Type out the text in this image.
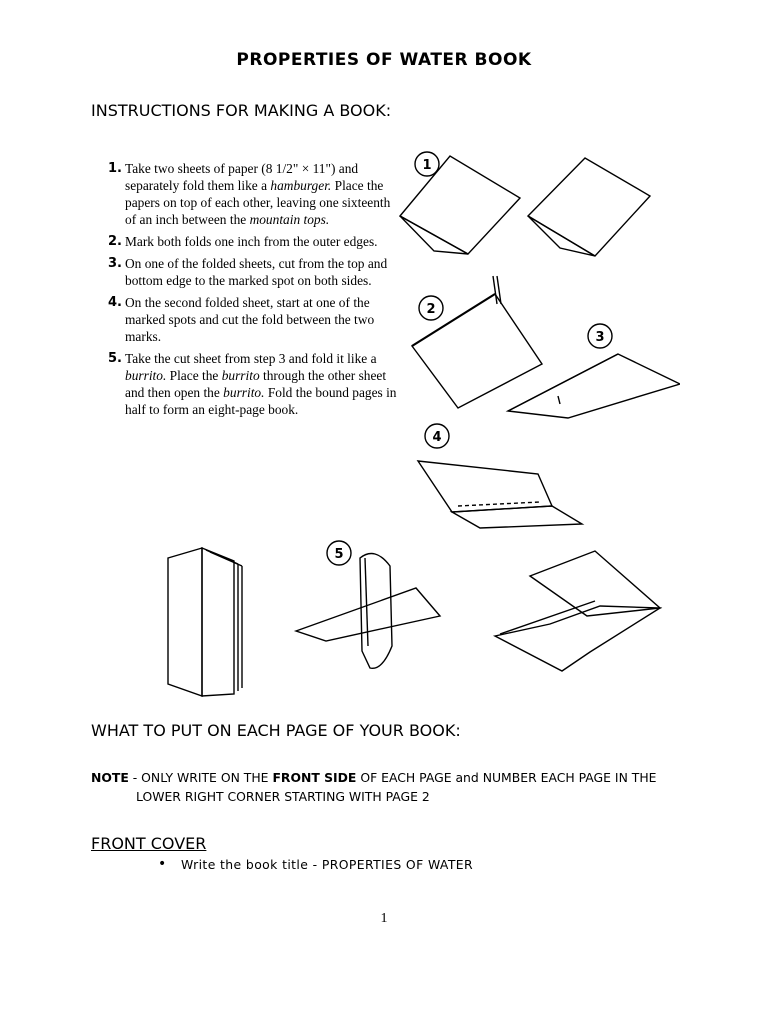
PROPERTIES OF WATER BOOK
INSTRUCTIONS FOR MAKING A BOOK:
1
2
3
4
5
1. Take two sheets of paper (8 1/2" × 11") and separately fold them like a hamburger. Place the papers on top of each other, leaving one sixteenth of an inch between the mountain tops.
2. Mark both folds one inch from the outer edges.
3. On one of the folded sheets, cut from the top and bottom edge to the marked spot on both sides.
4. On the second folded sheet, start at one of the marked spots and cut the fold between the two marks.
5. Take the cut sheet from step 3 and fold it like a burrito. Place the burrito through the other sheet and then open the burrito. Fold the bound pages in half to form an eight-page book.
WHAT TO PUT ON EACH PAGE OF YOUR BOOK:
NOTE - ONLY WRITE ON THE FRONT SIDE OF EACH PAGE and NUMBER EACH PAGE IN THE
LOWER RIGHT CORNER STARTING WITH PAGE 2
FRONT COVER
• Write the book title - PROPERTIES OF WATER
1
